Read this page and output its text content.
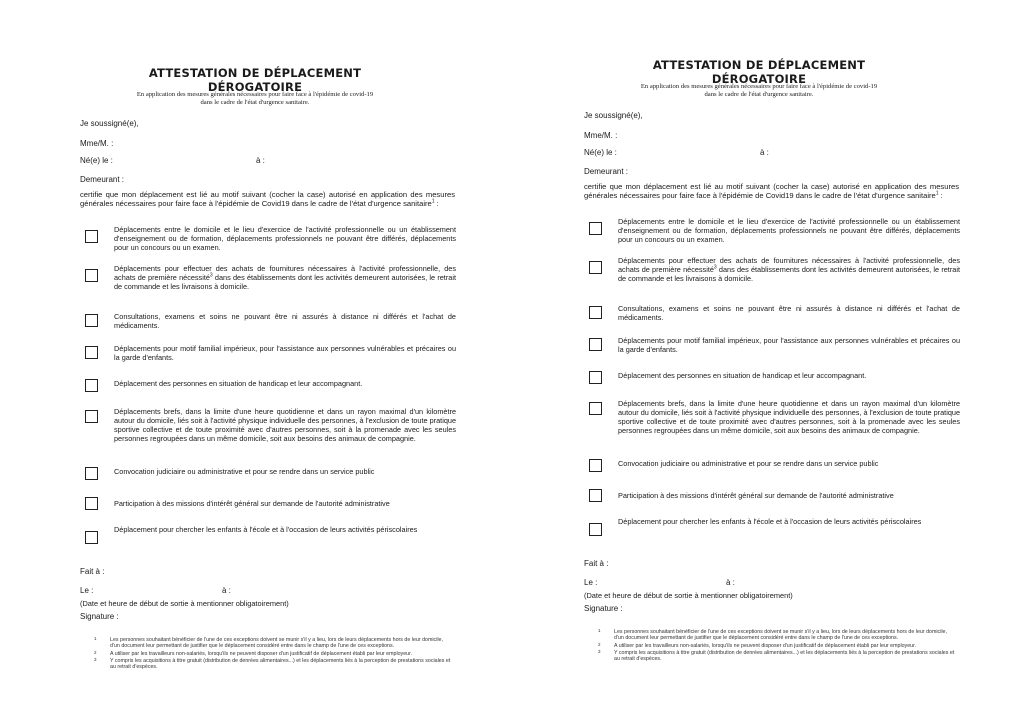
ATTESTATION DE DÉPLACEMENT DÉROGATOIRE
En application des mesures générales nécessaires pour faire face à l'épidémie de covid-19
dans le cadre de l'état d'urgence sanitaire.
Je soussigné(e),
Mme/M. :
Né(e) le :	à :
Demeurant :
certifie que mon déplacement est lié au motif suivant (cocher la case) autorisé en application des mesures générales nécessaires pour faire face à l'épidémie de Covid19 dans le cadre de l'état d'urgence sanitaire$^1$ :
Déplacements entre le domicile et le lieu d'exercice de l'activité professionnelle ou un établissement d'enseignement ou de formation, déplacements professionnels ne pouvant être différés, déplacements pour un concours ou un examen.
Déplacements pour effectuer des achats de fournitures nécessaires à l'activité professionnelle, des achats de première nécessité$^3$ dans des établissements dont les activités demeurent autorisées, le retrait de commande et les livraisons à domicile.
Consultations, examens et soins ne pouvant être ni assurés à distance ni différés et l'achat de médicaments.
Déplacements pour motif familial impérieux, pour l'assistance aux personnes vulnérables et précaires ou la garde d'enfants.
Déplacement des personnes en situation de handicap et leur accompagnant.
Déplacements brefs, dans la limite d'une heure quotidienne et dans un rayon maximal d'un kilomètre autour du domicile, liés soit à l'activité physique individuelle des personnes, à l'exclusion de toute pratique sportive collective et de toute proximité avec d'autres personnes, soit à la promenade avec les seules personnes regroupées dans un même domicile, soit aux besoins des animaux de compagnie.
Convocation judiciaire ou administrative et pour se rendre dans un service public
Participation à des missions d'intérêt général sur demande de l'autorité administrative
Déplacement pour chercher les enfants à l'école et à l'occasion de leurs activités périscolaires
Fait à :
Le :	à :
(Date et heure de début de sortie à mentionner obligatoirement)
Signature :
1	Les personnes souhaitant bénéficier de l'une de ces exceptions doivent se munir s'il y a lieu, lors de leurs déplacements hors de leur domicile, d'un document leur permettant de justifier que le déplacement considéré entre dans le champ de l'une de ces exceptions.
2	A utiliser par les travailleurs non-salariés, lorsqu'ils ne peuvent disposer d'un justificatif de déplacement établi par leur employeur.
3	Y compris les acquisitions à titre gratuit (distribution de denrées alimentaires...) et les déplacements liés à la perception de prestations sociales et au retrait d'espèces.
ATTESTATION DE DÉPLACEMENT DÉROGATOIRE
En application des mesures générales nécessaires pour faire face à l'épidémie de covid-19
dans le cadre de l'état d'urgence sanitaire.
Je soussigné(e),
Mme/M. :
Né(e) le :	à :
Demeurant :
certifie que mon déplacement est lié au motif suivant (cocher la case) autorisé en application des mesures générales nécessaires pour faire face à l'épidémie de Covid19 dans le cadre de l'état d'urgence sanitaire$^1$ :
Déplacements entre le domicile et le lieu d'exercice de l'activité professionnelle ou un établissement d'enseignement ou de formation, déplacements professionnels ne pouvant être différés, déplacements pour un concours ou un examen.
Déplacements pour effectuer des achats de fournitures nécessaires à l'activité professionnelle, des achats de première nécessité$^3$ dans des établissements dont les activités demeurent autorisées, le retrait de commande et les livraisons à domicile.
Consultations, examens et soins ne pouvant être ni assurés à distance ni différés et l'achat de médicaments.
Déplacements pour motif familial impérieux, pour l'assistance aux personnes vulnérables et précaires ou la garde d'enfants.
Déplacement des personnes en situation de handicap et leur accompagnant.
Déplacements brefs, dans la limite d'une heure quotidienne et dans un rayon maximal d'un kilomètre autour du domicile, liés soit à l'activité physique individuelle des personnes, à l'exclusion de toute pratique sportive collective et de toute proximité avec d'autres personnes, soit à la promenade avec les seules personnes regroupées dans un même domicile, soit aux besoins des animaux de compagnie.
Convocation judiciaire ou administrative et pour se rendre dans un service public
Participation à des missions d'intérêt général sur demande de l'autorité administrative
Déplacement pour chercher les enfants à l'école et à l'occasion de leurs activités périscolaires
Fait à :
Le :	à :
(Date et heure de début de sortie à mentionner obligatoirement)
Signature :
1	Les personnes souhaitant bénéficier de l'une de ces exceptions doivent se munir s'il y a lieu, lors de leurs déplacements hors de leur domicile, d'un document leur permettant de justifier que le déplacement considéré entre dans le champ de l'une de ces exceptions.
2	A utiliser par les travailleurs non-salariés, lorsqu'ils ne peuvent disposer d'un justificatif de déplacement établi par leur employeur.
3	Y compris les acquisitions à titre gratuit (distribution de denrées alimentaires...) et les déplacements liés à la perception de prestations sociales et au retrait d'espèces.
